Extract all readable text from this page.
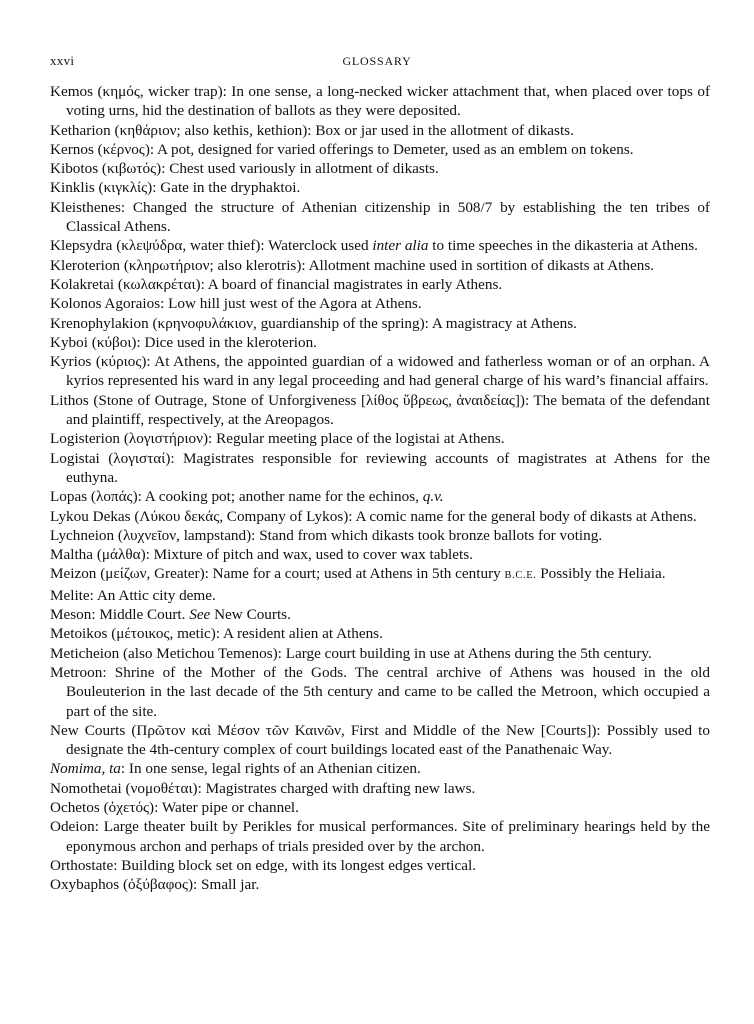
xxvi	GLOSSARY

Kemos (κημός, wicker trap): In one sense, a long-necked wicker attachment that, when placed over tops of voting urns, hid the destination of ballots as they were deposited.

Ketharion (κηθάριον; also kethis, kethion): Box or jar used in the allotment of dikasts.

Kernos (κέρνος): A pot, designed for varied offerings to Demeter, used as an emblem on tokens.

Kibotos (κιβωτός): Chest used variously in allotment of dikasts.

Kinklis (κιγκλίς): Gate in the dryphaktoi.

Kleisthenes: Changed the structure of Athenian citizenship in 508/7 by establishing the ten tribes of Classical Athens.

Klepsydra (κλεψύδρα, water thief): Waterclock used inter alia to time speeches in the dikasteria at Athens.

Kleroterion (κληρωτήριον; also klerotris): Allotment machine used in sortition of dikasts at Athens.

Kolakretai (κωλακρέται): A board of financial magistrates in early Athens.

Kolonos Agoraios: Low hill just west of the Agora at Athens.

Krenophylakion (κρηνοφυλάκιον, guardianship of the spring): A magistracy at Athens.

Kyboi (κύβοι): Dice used in the kleroterion.

Kyrios (κύριος): At Athens, the appointed guardian of a widowed and fatherless woman or of an orphan. A kyrios represented his ward in any legal proceeding and had general charge of his ward’s financial affairs.

Lithos (Stone of Outrage, Stone of Unforgiveness [λίθος ὕβρεως, ἀναιδείας]): The bemata of the defendant and plaintiff, respectively, at the Areopagos.

Logisterion (λογιστήριον): Regular meeting place of the logistai at Athens.

Logistai (λογισταί): Magistrates responsible for reviewing accounts of magistrates at Athens for the euthyna.

Lopas (λοπάς): A cooking pot; another name for the echinos, q.v.

Lykou Dekas (Λύκου δεκάς, Company of Lykos): A comic name for the general body of dikasts at Athens.

Lychneion (λυχνεῖον, lampstand): Stand from which dikasts took bronze ballots for voting.

Maltha (μάλθα): Mixture of pitch and wax, used to cover wax tablets.

Meizon (μείζων, Greater): Name for a court; used at Athens in 5th century B.C.E. Possibly the Heliaia.

Melite: An Attic city deme.

Meson: Middle Court. See New Courts.

Metoikos (μέτοικος, metic): A resident alien at Athens.

Meticheion (also Metichou Temenos): Large court building in use at Athens during the 5th century.

Metroon: Shrine of the Mother of the Gods. The central archive of Athens was housed in the old Bouleuterion in the last decade of the 5th century and came to be called the Metroon, which occupied a part of the site.

New Courts (Πρῶτον καὶ Μέσον τῶν Καινῶν, First and Middle of the New [Courts]): Possibly used to designate the 4th-century complex of court buildings located east of the Panathenaic Way.

Nomima, ta: In one sense, legal rights of an Athenian citizen.

Nomothetai (νομοθέται): Magistrates charged with drafting new laws.

Ochetos (ὀχετός): Water pipe or channel.

Odeion: Large theater built by Perikles for musical performances. Site of preliminary hearings held by the eponymous archon and perhaps of trials presided over by the archon.

Orthostate: Building block set on edge, with its longest edges vertical.

Oxybaphos (ὀξύβαφος): Small jar.
